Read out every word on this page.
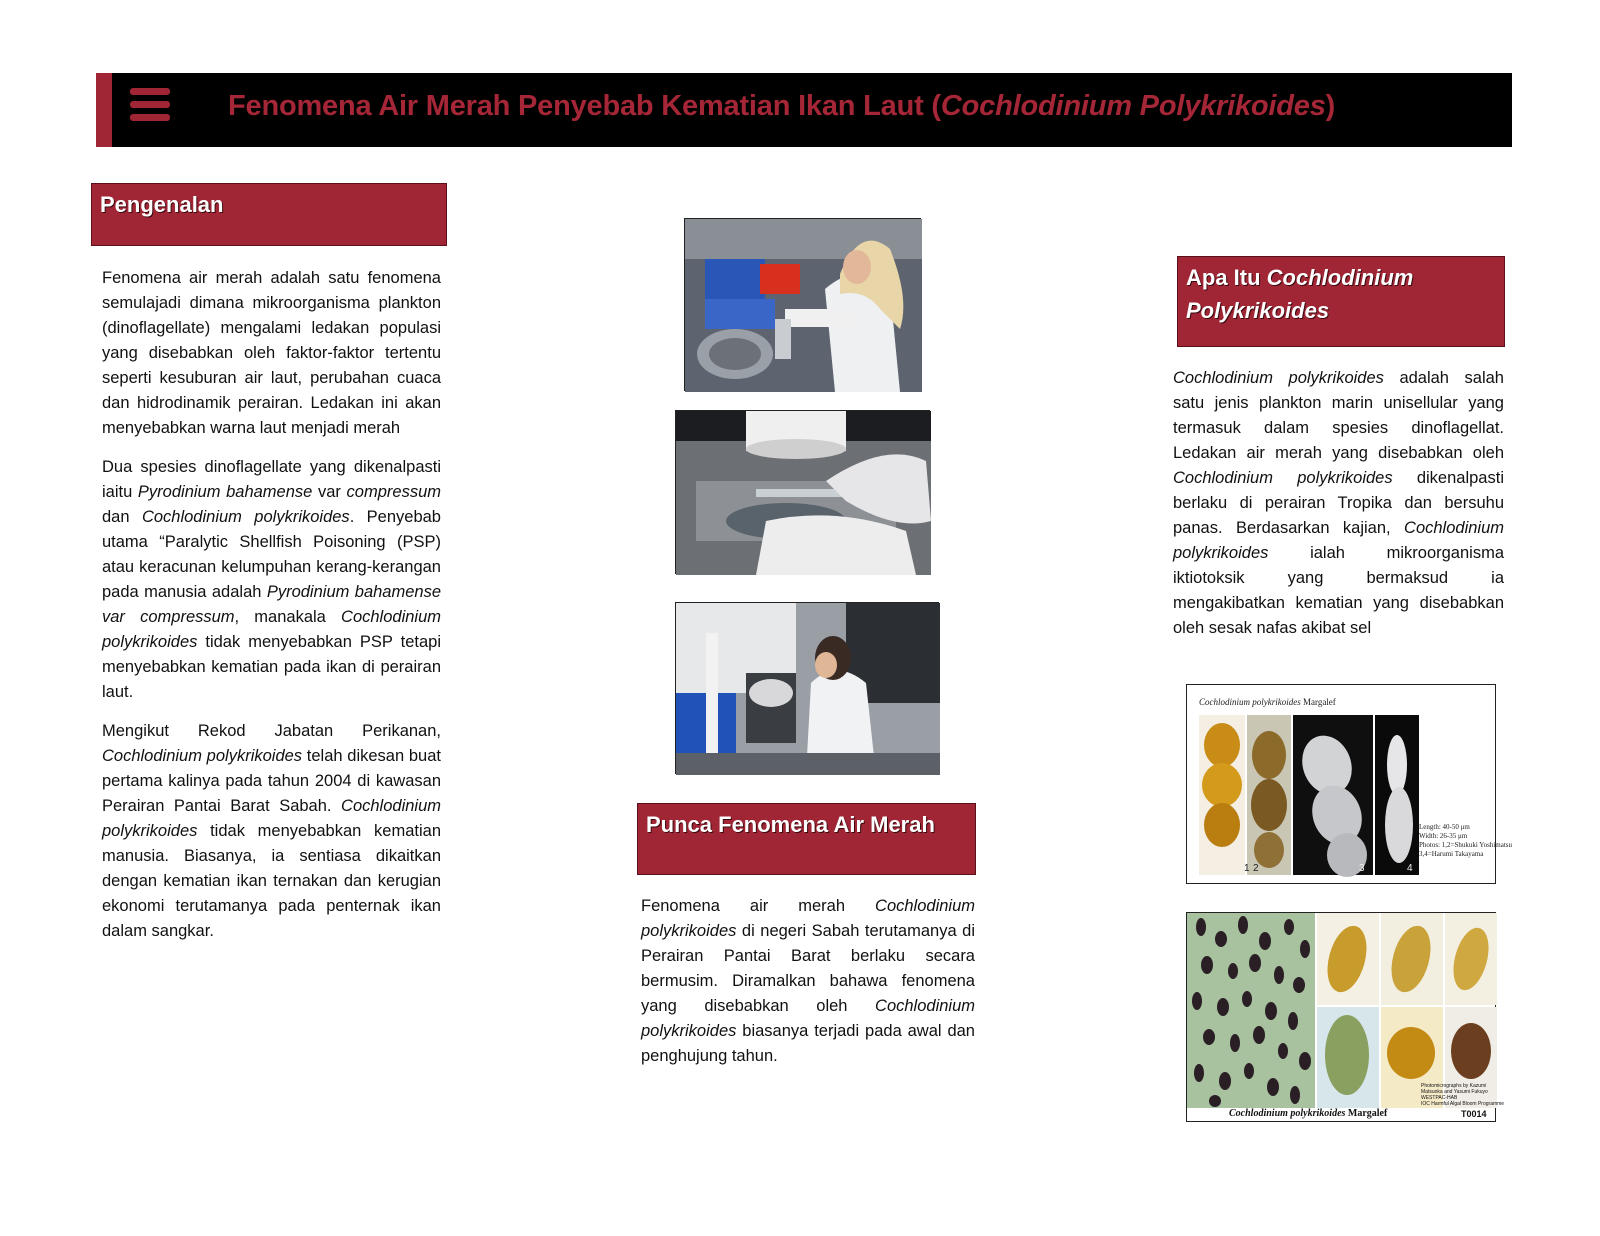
Fenomena Air Merah Penyebab Kematian Ikan Laut (Cochlodinium Polykrikoides)
Pengenalan

Fenomena air merah adalah satu fenomena semulajadi dimana mikroorganisma plankton (dinoflagellate) mengalami ledakan populasi yang disebabkan oleh faktor-faktor tertentu seperti kesuburan air laut, perubahan cuaca dan hidrodinamik perairan. Ledakan ini akan menyebabkan warna laut menjadi merah

Dua spesies dinoflagellate yang dikenalpasti iaitu Pyrodinium bahamense var compressum dan Cochlodinium polykrikoides. Penyebab utama “Paralytic Shellfish Poisoning (PSP) atau keracunan kelumpuhan kerang-kerangan pada manusia adalah Pyrodinium bahamense var compressum, manakala Cochlodinium polykrikoides tidak menyebabkan PSP tetapi menyebabkan kematian pada ikan di perairan laut.

Mengikut Rekod Jabatan Perikanan, Cochlodinium polykrikoides telah dikesan buat pertama kalinya pada tahun 2004 di kawasan Perairan Pantai Barat Sabah. Cochlodinium polykrikoides tidak menyebabkan kematian manusia. Biasanya, ia sentiasa dikaitkan dengan kematian ikan ternakan dan kerugian ekonomi terutamanya pada penternak ikan dalam sangkar.

Punca Fenomena Air Merah

Fenomena air merah Cochlodinium polykrikoides di negeri Sabah terutamanya di Perairan Pantai Barat berlaku secara bermusim. Diramalkan bahawa fenomena yang disebabkan oleh Cochlodinium polykrikoides biasanya terjadi pada awal dan penghujung tahun.

Apa Itu Cochlodinium Polykrikoides

Cochlodinium polykrikoides adalah salah satu jenis plankton marin unisellular yang termasuk dalam spesies dinoflagellat. Ledakan air merah yang disebabkan oleh Cochlodinium polykrikoides dikenalpasti berlaku di perairan Tropika dan bersuhu panas. Berdasarkan kajian, Cochlodinium polykrikoides ialah mikroorganisma iktiotoksik yang bermaksud ia mengakibatkan kematian yang disebabkan oleh sesak nafas akibat sel

Cochlodinium polykrikoides Margalef
1 2	3	4
Length: 40-50 μm
Width: 26-35 μm
Photos: 1,2=Shukuki Yoshimatsu
3,4=Harumi Takayama
Photomicrographs by Kazumi
Matsuoka and Yasumi Fukuyo
WESTPAC-HAB
IOC Harmful Algal Bloom Programme
Cochlodinium polykrikoides Margalef	T0014
